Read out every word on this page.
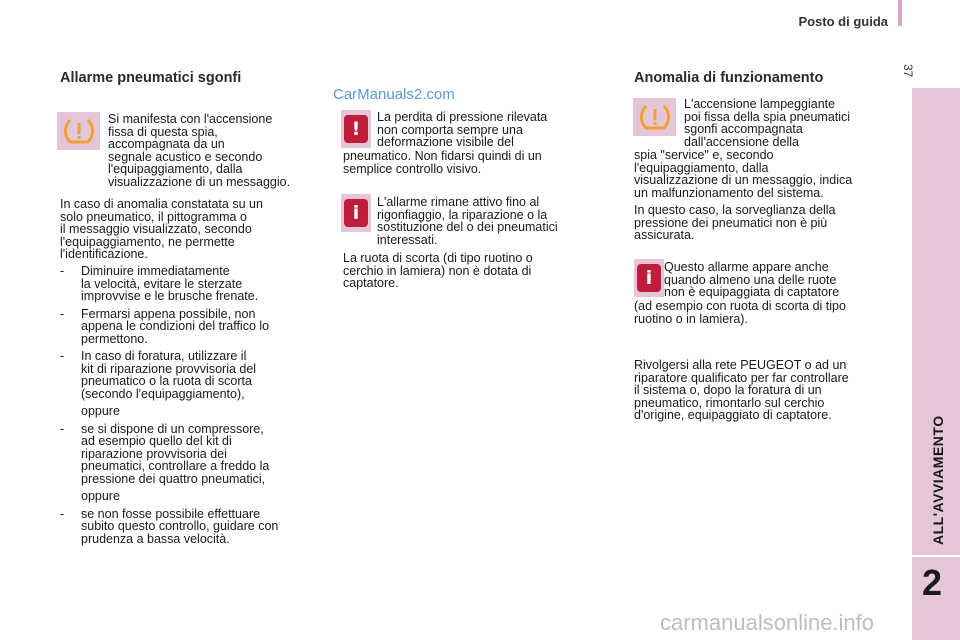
Posto di guida
37
ALL'AVVIAMENTO
2
CarManuals2.com
carmanualsonline.info
Allarme pneumatici sgonfi

Si manifesta con l'accensione

fissa di questa spia,

accompagnata da un

segnale acustico e secondo

l'equipaggiamento, dalla

visualizzazione di un messaggio.

In caso di anomalia constatata su un

solo pneumatico, il pittogramma o

il messaggio visualizzato, secondo

l'equipaggiamento, ne permette

l'identificazione.

- Diminuire immediatamente

la velocità, evitare le sterzate

improvvise e le brusche frenate.

- Fermarsi appena possibile, non

appena le condizioni del traffico lo

permettono.

- In caso di foratura, utilizzare il

kit di riparazione provvisoria del

pneumatico o la ruota di scorta

(secondo l'equipaggiamento),

oppure

- se si dispone di un compressore,

ad esempio quello del kit di

riparazione provvisoria dei

pneumatici, controllare a freddo la

pressione dei quattro pneumatici,

oppure

- se non fosse possibile effettuare

subito questo controllo, guidare con

prudenza a bassa velocità.

!

La perdita di pressione rilevata

non comporta sempre una

deformazione visibile del

pneumatico. Non fidarsi quindi di un

semplice controllo visivo.

i	L'allarme rimane attivo fino al

rigonfiaggio, la riparazione o la

sostituzione del o dei pneumatici

interessati.

La ruota di scorta (di tipo ruotino o

cerchio in lamiera) non è dotata di

captatore.

Anomalia di funzionamento

L'accensione lampeggiante

poi fissa della spia pneumatici

sgonfi accompagnata

dall'accensione della

spia "service" e, secondo

l'equipaggiamento, dalla

visualizzazione di un messaggio, indica

un malfunzionamento del sistema.

In questo caso, la sorveglianza della

pressione dei pneumatici non è più

assicurata.

i Questo allarme appare anche

quando almeno una delle ruote

non è equipaggiata di captatore

(ad esempio con ruota di scorta di tipo

ruotino o in lamiera).

Rivolgersi alla rete PEUGEOT o ad un

riparatore qualificato per far controllare

il sistema o, dopo la foratura di un

pneumatico, rimontarlo sul cerchio

d'origine, equipaggiato di captatore.
